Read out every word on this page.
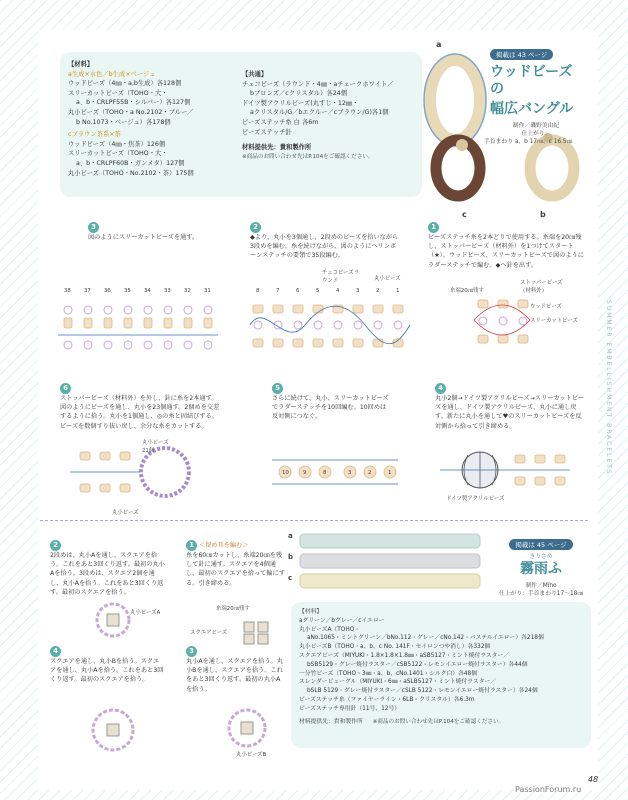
【材料】
a生成×水色／b生成×ベージュ
ウッドビーズ（4㎜・a,b生成）各128個
スリーカットビーズ（TOHO・大・
a、b・CRLPF55B・シルバー）各127個
丸小ビーズ（TOHO・a No.2102・ブルー／
b No.1073・ベージュ）各178個
cブラウン茶系×茶
ウッドビーズ（4㎜・焦茶）126個
スリーカットビーズ（TOHO・大・
a、b・CRLPF60B・ガンメタ）127個
丸小ビーズ（TOHO・No.2102・茶）175個
【共通】
チェコビーズ（ラウンド・4㎜・aチェークホワイト／
bブロンズ／cクリスタル）各24個
ドイツ製アクリルビーズ(丸すじ・12㎜・
aクリスタル/G／bエクルー／cブラウン/G)各1個
ビーズステッチ糸 白 各6m
ビーズステッチ針
材料提供先：貴和製作所
※商品のお問い合わせ先はP.104をご確認ください。
a
c	b
掲載は 43 ページ
ウッドビーズの
幅広バングル
制作／磯野美由紀
仕上がり：
手首まわり a、b 17㎝、c 16.5㎝
3
図のようにスリーカットビーズを通す。
2
◆より、丸小を3個通し、2段めのビーズを拾いながら3段めを編む。糸を続けながら、図のようにヘリンボーンステッチの要領で35段編む。
1
ビーズステッチ糸を2本どりで使用する。糸端を20㎝残し、ストッパービーズ（材料外）を1つけてスタート（★）。ウッドビーズ、スリーカットビーズで図のようにラダーステッチで編む。◆へ針を出す。
38 37 36 35 34 33 32 31	8	7	6	5	4	3	2	1
チェコビーズラウンド	丸小ビーズ
糸端20㎝残す
ストッパービーズ（材料外）
ウッドビーズ
スリーカットビーズ
6
ストッパービーズ（材料外）を外し、針に糸を2本通す。図のようにビーズを通し、丸小を23個通す。2個めを交差するように拾う。丸小を1個通し、◎の糸と固結びする。ビーズを数個すり抜い戻し、余分な糸をカットする。
5
さらに続けて、丸小、スリーカットビーズでラダーステッチを10回編む。10回めは反対側につなぐ。
4
丸小2個→ドイツ製アクリルビーズ→スリーカットビーズを通し、ドイツ製アクリルビーズ、丸小に通し戻す。新たに丸小を通して♥のスリーカットビーズを反対側から拾って引き締める。
丸小ビーズ21個
丸小ビーズ
10	9	8	3	2	1
ドイツ製アクリルビーズ
2
2段めは、丸小Aを通し、スクエアを拾う。これをあと3回くり返す。最初の丸小Aを拾う。3段めは、スクエア2個を通し、丸小Aを拾う。これをあと3回くり返す。最初のスクエアを拾う。
1 ＜留め具を編む＞
糸を60㎝カットし、糸端20㎝を残して針に通す。スクエアを4個通し、最初のスクエアを拾って輪にする。引き締める。
4
スクエアを通し、丸小Bを拾う。スクエアを通し、丸小Aを拾う。これをあと3回くり返す。最初のスクエアを拾う。
3
丸小Aを通し、スクエアを拾う。丸小Bを通し、スクエアを拾う。これをあと3回くり返す。最初の丸小Aを拾う。
丸小ビーズA
糸端20㎝残す
スクエアビーズ
丸小ビーズB
a
b
c
掲載は 45 ページ
きりさめ
霧雨ふ
制作／Miho
仕上がり：手首まわり17～18㎝
【材料】
aグリーン／bグレー／cイエロー
丸小ビーズA（TOHO・
aNo.1065・ミントグリーン／bNo.112・グレー／cNo.142・パステルイエロー）各218個
丸小ビーズB（TOHO・a、b、c No. 141F・セイロンつや消し）各332個
スクエアビーズ（MIYUKI・1.8×1.8×1.8㎜・aSB5127・ミント焼付ラスター／
bSB5129・グレー焼付ラスター／cSB5122・レモンイエロー焼付ラスター）各44個
一分竹ビーズ（TOHO・3㎜・a、b、cNo.1401・シルク白）各48個
スレンダービューグル（MIYUKI・6㎜・aSLB5127・ミント焼付ラスター／
bSLB 5129・グレー焼付ラスター／cSLB 5122・レモンイエロー焼付ラスター）各24個
ビーズステッチ糸（ファイヤーライン・6LB・クリスタル）各6.3m
ビーズステッチ専用針（11号、12号）
材料提供先：貴和製作所 ※商品のお問い合わせ先はP.104をご確認ください。
SUMMER EMBELLISHMENT BRACELETS
48
PassionForum.ru
